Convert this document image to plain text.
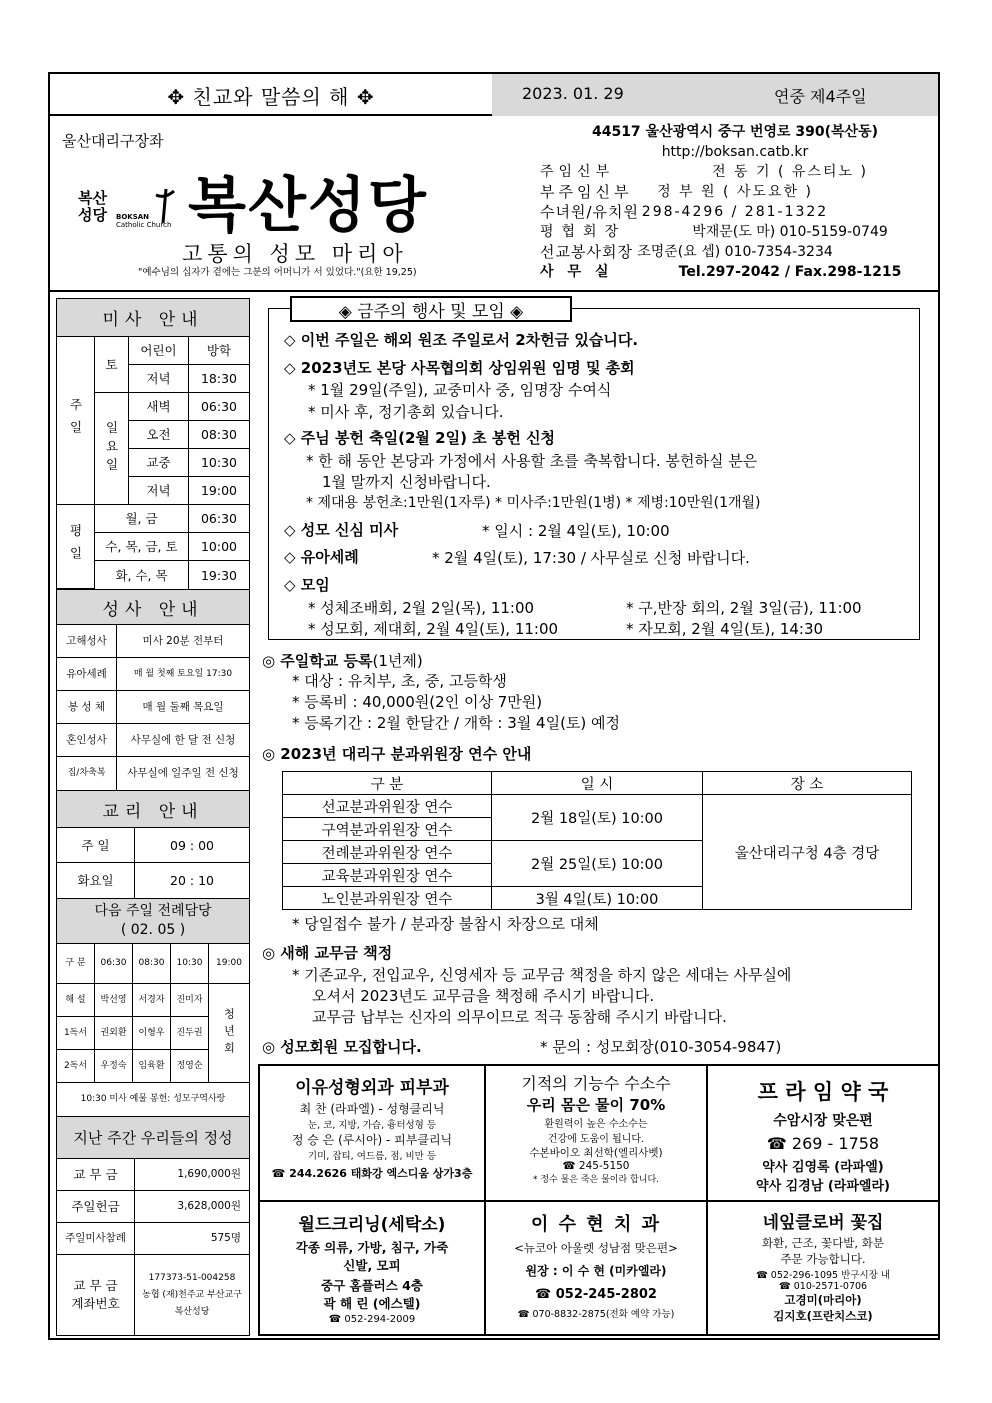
✥ 친교와 말씀의 해 ✥	2023. 01. 29	연중 제4주일
울산대리구장좌
복산
성당 BOKSAN
Catholic Church 복산성당
고통의 성모 마리아
"예수님의 십자가 곁에는 그분의 어머니가 서 있었다."(요한 19,25)
44517 울산광역시 중구 번영로 390(복산동)
http://boksan.catb.kr
주임신부	전 동 기 ( 유스티노 )
부주임신부	정 부 원 ( 사도요한 )
수녀원/유치원 298-4296 / 281-1322
평협회장	박재문(도 마) 010-5159-0749
선교봉사회장 조명준(요 셉) 010-7354-3234
사무실	Tel.297-2042 / Fax.298-1215
미사 안내
주일
토
어린이	방학
저녁	18:30
일요일
새벽	06:30
오전	08:30
교중	10:30
저녁	19:00
평일
월, 금	06:30
수, 목, 금, 토	10:00
화, 수, 목	19:30
성사 안내
고해성사	미사 20분 전부터
유아세례	매 월 첫째 토요일 17:30
봉 성 체	매 월 둘째 목요일
혼인성사	사무실에 한 달 전 신청
집/차축복	사무실에 일주일 전 신청
교리 안내
주 일	09 : 00
화요일	20 : 10
다음 주일 전례담당
( 02. 05 )
구 분	06:30	08:30	10:30	19:00
해 설	박선영	서경자	진미자
1독서	권외환	이형우	진두권
2독서	우정숙	임육환	정영순
청년회
10:30 미사 예물 봉헌: 성모구역사랑
지난 주간 우리들의 정성
교 무 금	1,690,000원
주일헌금	3,628,000원
주일미사참례	575명
교 무 금
계좌번호
177373-51-004258
농협 (재)천주교 부산교구
복산성당
◈ 금주의 행사 및 모임 ◈
◇ 이번 주일은 해외 원조 주일로서 2차헌금 있습니다.
◇ 2023년도 본당 사목협의회 상임위원 임명 및 총회
* 1월 29일(주일), 교중미사 중, 임명장 수여식
* 미사 후, 정기총회 있습니다.
◇ 주님 봉헌 축일(2월 2일) 초 봉헌 신청
* 한 해 동안 본당과 가정에서 사용할 초를 축복합니다. 봉헌하실 분은
1월 말까지 신청바랍니다.
* 제대용 봉헌초:1만원(1자루) * 미사주:1만원(1병) * 제병:10만원(1개월)
◇ 성모 신심 미사	* 일시 : 2월 4일(토), 10:00
◇ 유아세례	* 2월 4일(토), 17:30 / 사무실로 신청 바랍니다.
◇ 모임
* 성체조배회, 2월 2일(목), 11:00	* 구,반장 회의, 2월 3일(금), 11:00
* 성모회, 제대회, 2월 4일(토), 11:00	* 자모회, 2월 4일(토), 14:30
◎ 주일학교 등록(1년제)
* 대상 : 유치부, 초, 중, 고등학생
* 등록비 : 40,000원(2인 이상 7만원)
* 등록기간 : 2월 한달간 / 개학 : 3월 4일(토) 예정
◎ 2023년 대리구 분과위원장 연수 안내
구 분	일 시	장 소
선교분과위원장 연수	2월 18일(토) 10:00	울산대리구청 4층 경당
구역분과위원장 연수		
전례분과위원장 연수	2월 25일(토) 10:00	
교육분과위원장 연수		
노인분과위원장 연수	3월 4일(토) 10:00	
* 당일접수 불가 / 분과장 불참시 차장으로 대체
◎ 새해 교무금 책정
* 기존교우, 전입교우, 신영세자 등 교무금 책정을 하지 않은 세대는 사무실에
오셔서 2023년도 교무금을 책정해 주시기 바랍니다.
교무금 납부는 신자의 의무이므로 적극 동참해 주시기 바랍니다.
◎ 성모회원 모집합니다.	* 문의 : 성모회장(010-3054-9847)
이유성형외과 피부과
최 찬 (라파엘) - 성형클리닉
눈, 코, 지방, 가슴, 흉터성형 등
정 승 은 (루시아) - 피부클리닉
기미, 잡티, 여드름, 점, 비만 등
☎ 244.2626 태화강 엑스디움 상가3층
기적의 기능수 수소수
우리 몸은 물이 70%
환원력이 높은 수소수는
건강에 도움이 됩니다.
수본바이오 최선학(엘리사벳)
☎ 245-5150
* 정수 물은 죽은 물이라 합니다.
프 라 임 약 국
수암시장 맞은편
☎ 269 - 1758
약사 김영록 (라파엘)
약사 김경남 (라파엘라)
월드크리닝(세탁소)
각종 의류, 가방, 침구, 가죽
신발, 모피
중구 홈플러스 4층
곽 해 린 (에스텔)
☎ 052-294-2009
이 수 현 치 과
<뉴코아 아울렛 성남점 맞은편>
원장 : 이 수 현 (미카엘라)
☎ 052-245-2802
☎ 070-8832-2875(전화 예약 가능)
네잎클로버 꽃집
화환, 근조, 꽃다발, 화분
주문 가능합니다.
☎ 052-296-1095 반구시장 내
☎ 010-2571-0706
고경미(마리아)
김지호(프란치스코)
